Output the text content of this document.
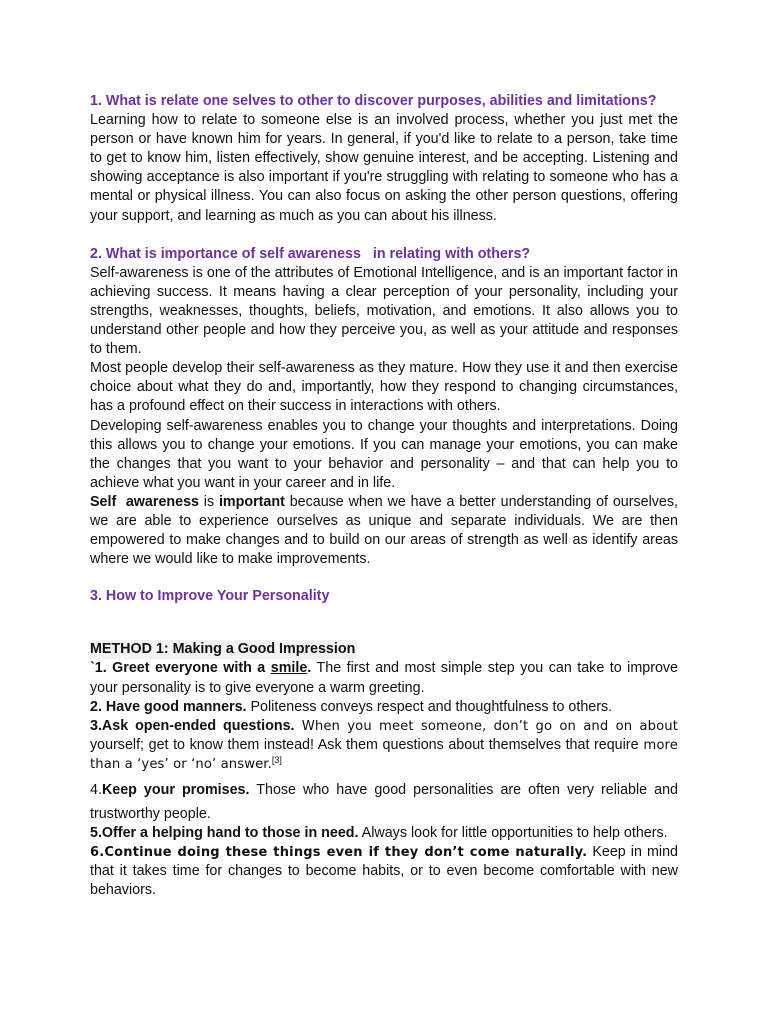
1. What is relate one selves to other to discover purposes, abilities and limitations?

Learning how to relate to someone else is an involved process, whether you just met the person or have known him for years. In general, if you'd like to relate to a person, take time to get to know him, listen effectively, show genuine interest, and be accepting. Listening and showing acceptance is also important if you're struggling with relating to someone who has a mental or physical illness. You can also focus on asking the other person questions, offering your support, and learning as much as you can about his illness.

2. What is importance of self awareness   in relating with others?

Self-awareness is one of the attributes of Emotional Intelligence, and is an important factor in achieving success. It means having a clear perception of your personality, including your strengths, weaknesses, thoughts, beliefs, motivation, and emotions. It also allows you to understand other people and how they perceive you, as well as your attitude and responses to them.

Most people develop their self-awareness as they mature. How they use it and then exercise choice about what they do and, importantly, how they respond to changing circumstances, has a profound effect on their success in interactions with others.

Developing self-awareness enables you to change your thoughts and interpretations. Doing this allows you to change your emotions. If you can manage your emotions, you can make the changes that you want to your behavior and personality – and that can help you to achieve what you want in your career and in life.

Self  awareness is important because when we have a better understanding of ourselves, we are able to experience ourselves as unique and separate individuals. We are then empowered to make changes and to build on our areas of strength as well as identify areas where we would like to make improvements.

3. How to Improve Your Personality

METHOD 1: Making a Good Impression

`1. Greet everyone with a smile. The first and most simple step you can take to improve your personality is to give everyone a warm greeting.

2. Have good manners. Politeness conveys respect and thoughtfulness to others.

3.Ask open-ended questions. When you meet someone, don’t go on and on about yourself; get to know them instead! Ask them questions about themselves that require more than a ‘yes’ or ‘no’ answer.[3]

4.Keep your promises. Those who have good personalities are often very reliable and trustworthy people.

5.Offer a helping hand to those in need. Always look for little opportunities to help others.

6.Continue doing these things even if they don’t come naturally. Keep in mind that it takes time for changes to become habits, or to even become comfortable with new behaviors.
